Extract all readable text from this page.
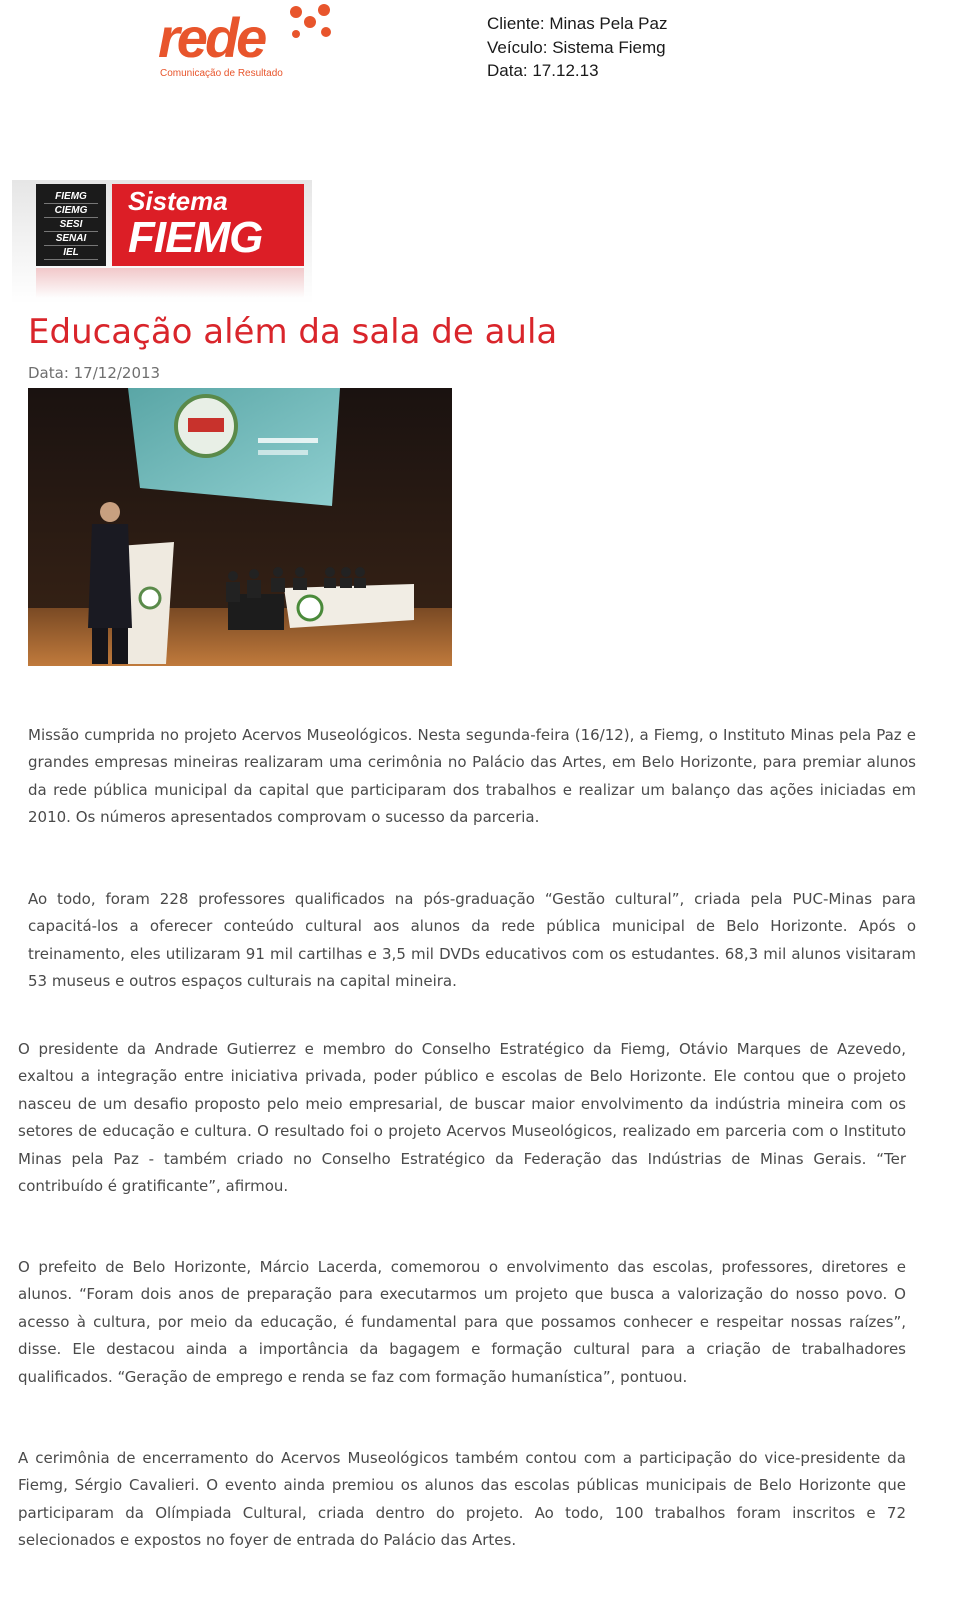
rede
Comunicação de Resultado
Cliente: Minas Pela Paz
Veículo: Sistema Fiemg
Data: 17.12.13
FIEMG
CIEMG
SESI
SENAI
IEL
Sistema
FIEMG
Educação além da sala de aula
Data: 17/12/2013

Missão cumprida no projeto Acervos Museológicos. Nesta segunda-feira (16/12), a Fiemg, o Instituto Minas pela Paz e grandes empresas mineiras realizaram uma cerimônia no Palácio das Artes, em Belo Horizonte, para premiar alunos da rede pública municipal da capital que participaram dos trabalhos e realizar um balanço das ações iniciadas em 2010. Os números apresentados comprovam o sucesso da parceria.

Ao todo, foram 228 professores qualificados na pós-graduação “Gestão cultural”, criada pela PUC-Minas para capacitá-los a oferecer conteúdo cultural aos alunos da rede pública municipal de Belo Horizonte. Após o treinamento, eles utilizaram 91 mil cartilhas e 3,5 mil DVDs educativos com os estudantes. 68,3 mil alunos visitaram 53 museus e outros espaços culturais na capital mineira.

O presidente da Andrade Gutierrez e membro do Conselho Estratégico da Fiemg, Otávio Marques de Azevedo, exaltou a integração entre iniciativa privada, poder público e escolas de Belo Horizonte. Ele contou que o projeto nasceu de um desafio proposto pelo meio empresarial, de buscar maior envolvimento da indústria mineira com os setores de educação e cultura. O resultado foi o projeto Acervos Museológicos, realizado em parceria com o Instituto Minas pela Paz - também criado no Conselho Estratégico da Federação das Indústrias de Minas Gerais. “Ter contribuído é gratificante”, afirmou.

O prefeito de Belo Horizonte, Márcio Lacerda, comemorou o envolvimento das escolas, professores, diretores e alunos. “Foram dois anos de preparação para executarmos um projeto que busca a valorização do nosso povo. O acesso à cultura, por meio da educação, é fundamental para que possamos conhecer e respeitar nossas raízes”, disse. Ele destacou ainda a importância da bagagem e formação cultural para a criação de trabalhadores qualificados. “Geração de emprego e renda se faz com formação humanística”, pontuou.

A cerimônia de encerramento do Acervos Museológicos também contou com a participação do vice-presidente da Fiemg, Sérgio Cavalieri. O evento ainda premiou os alunos das escolas públicas municipais de Belo Horizonte que participaram da Olímpiada Cultural, criada dentro do projeto. Ao todo, 100 trabalhos foram inscritos e 72 selecionados e expostos no foyer de entrada do Palácio das Artes.
